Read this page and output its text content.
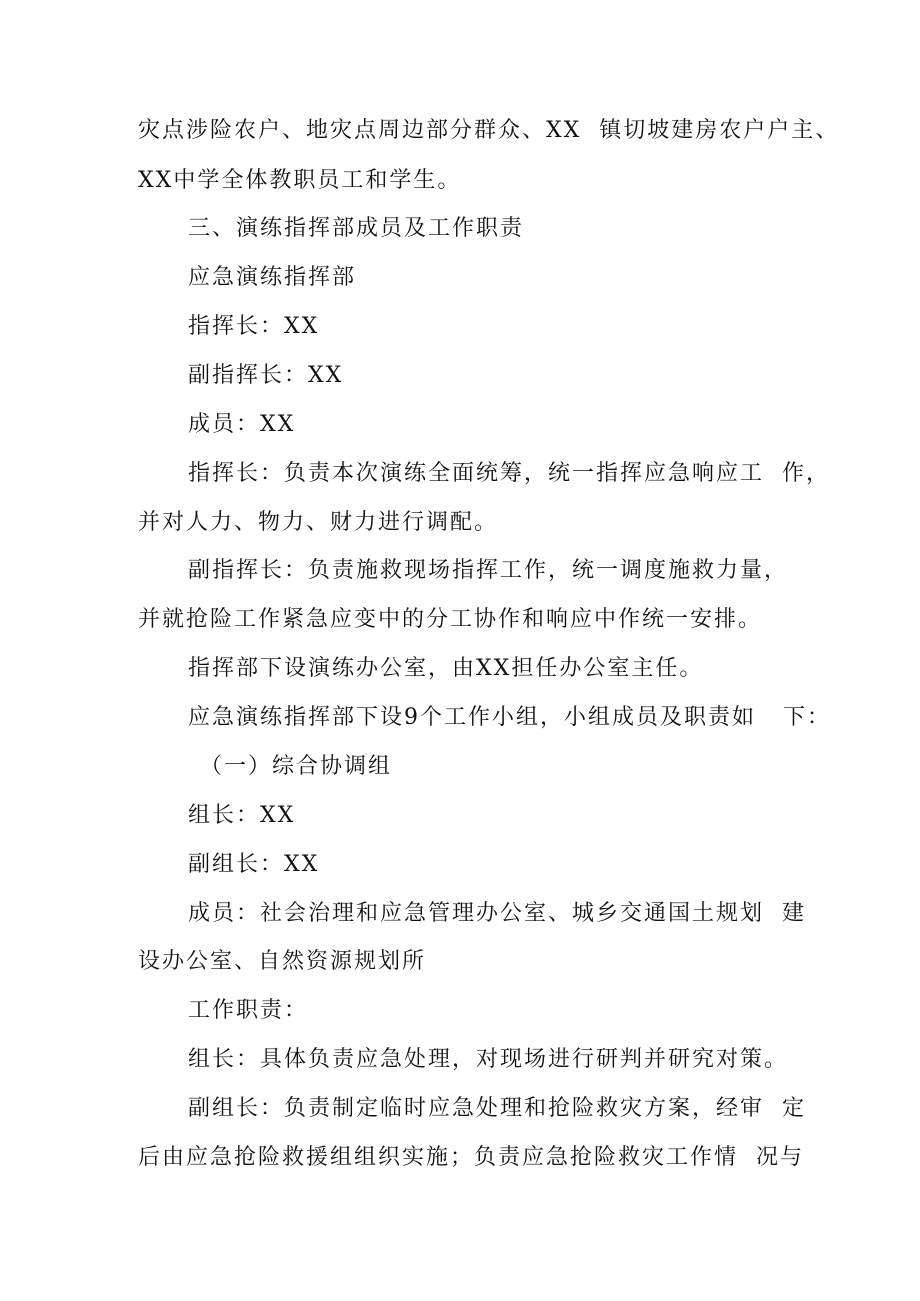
灾点涉险农户、地灾点周边部分群众、XX  镇切坡建房农户户主、
XX中学全体教职员工和学生。
三、演练指挥部成员及工作职责
应急演练指挥部
指挥长：XX
副指挥长：XX
成员：XX
指挥长：负责本次演练全面统筹，统一指挥应急响应工  作，
并对人力、物力、财力进行调配。
副指挥长：负责施救现场指挥工作，统一调度施救力量，
并就抢险工作紧急应变中的分工协作和响应中作统一安排。
指挥部下设演练办公室，由XX担任办公室主任。
应急演练指挥部下设9个工作小组，小组成员及职责如   下：
（一）综合协调组
组长：XX
副组长：XX
成员：社会治理和应急管理办公室、城乡交通国土规划  建
设办公室、自然资源规划所
工作职责：
组长：具体负责应急处理，对现场进行研判并研究对策。
副组长：负责制定临时应急处理和抢险救灾方案，经审  定
后由应急抢险救援组组织实施；负责应急抢险救灾工作情  况与
